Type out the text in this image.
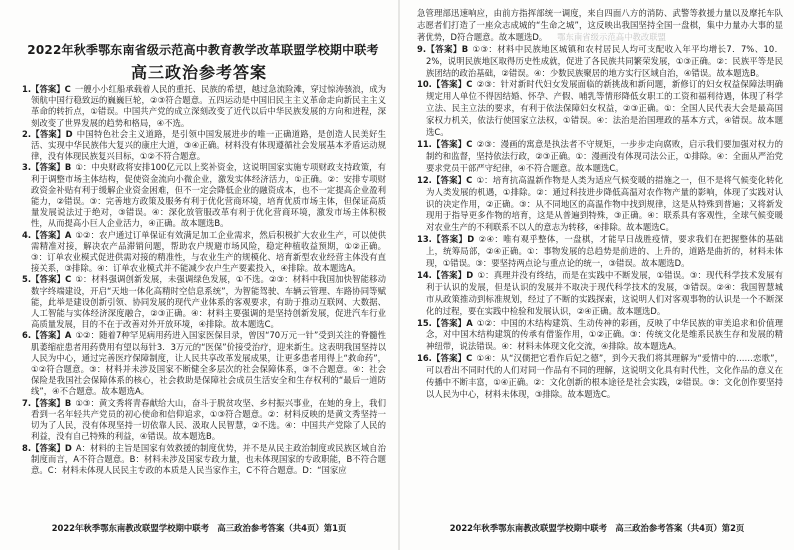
2022年秋季鄂东南省级示范高中教育教学改革联盟学校期中联考
高三政治参考答案

1.【答案】C 一艘小小红船承载着人民的重托、民族的希望，越过急流险滩，穿过惊涛骇浪，成为领航中国行稳致远的巍巍巨轮，②③符合题意。五四运动是中国旧民主主义革命走向新民主主义革命的转折点，①错误。中国共产党的成立深刻改变了近代以后中华民族发展的方向和进程，深刻改变了世界发展的趋势和格局，④不选。

2.【答案】D 中国特色社会主义道路，是引领中国发展进步的唯一正确道路，是创造人民美好生活、实现中华民族伟大复兴的康庄大道，③④正确。材料没有体现遵循社会发展基本矛盾运动规律，没有体现民族复兴目标，①②不符合题意。

3.【答案】B ①：中央财政将安排100亿元以上奖补资金，这说明国家实施专项财政支持政策，有利于调整市场主体结构，促使资金流向小微企业，激发实体经济活力，①正确。②：安排专项财政资金补贴有利于缓解企业资金困难，但不一定会降低企业的融资成本，也不一定提高企业盈利能力，②错误。③：完善地方政策及服务有利于优化营商环境，培育优质市场主体，但保证高质量发展说法过于绝对，③错误。④：深化放管服改革有利于优化营商环境，激发市场主体积极性，从而提高小巨人企业活力，④正确。故本题选B。

4.【答案】A ①②：农户通过订单保证有效满足加工企业需求，然后积极扩大农业生产，可以使供需精准对接，解决农产品滞销问题，帮助农户规避市场风险，稳定种植收益预期，①②正确。③：订单农业模式促进供需对接的精准性，与农业生产的规模化、培育新型农业经营主体没有直接关系，③排除。④：订单农业模式并不能减少农户生产要素投入，④排除。故本题选A。

5.【答案】C ①：材料强调创新发展，未强调绿色发展，①不选。②③：材料中我国加快智能移动数字终端建设，开启“天地一体化高精时空信息系统”，为智能驾驶、车辆云管理、车路协同等赋能，此举是建设创新引领、协同发展的现代产业体系的客观要求，有助于推动互联网、大数据、人工智能与实体经济深度融合，②③正确。④：材料主要强调的是坚持创新发展，促进汽车行业高质量发展，目的不在于改善对外开放环境，④排除。故本题选C。

6.【答案】A ①②：随着7种罕见病用药进入国家医保目录，曾因“70万元一针”受到关注的脊髓性肌萎缩症患者用药费用有望以每针3．3万元的“医保”价接受治疗，迎来新生。这表明我国坚持以人民为中心，通过完善医疗保障制度，让人民共享改革发展成果，让更多患者用得上“救命药”，①②符合题意。③：材料并未涉及国家不断健全多层次的社会保障体系，③不合题意。④：社会保险是我国社会保障体系的核心，社会救助是保障社会成员生活安全和生存权利的“最后一道防线”，④不合题意。故本题选A。

7.【答案】B ①③：黄文秀将青春献给大山，奋斗于脱贫攻坚、乡村振兴事业，在她的身上，我们看到一名年轻共产党员的初心使命和信仰追求，①③符合题意。②：材料反映的是黄文秀坚持一切为了人民，没有体现坚持一切依靠人民、汲取人民智慧，②不选。④：中国共产党除了人民的利益，没有自己特殊的利益，④错误。故本题选B。

8.【答案】D A：材料的主旨是国家有效救援的制度优势，并不是从民主政治制度或民族区域自治制度而言，A不符合题意。B：材料未涉及国家专政力量，也未体现国家的专政职能，B不符合题意。C：材料未体现人民民主专政的本质是人民当家作主，C不符合题意。D：“国家应

2022年秋季鄂东南教改联盟学校期中联考　高三政治参考答案（共4页）第1页

急管理部迅速响应，由前方指挥部统一调度，来自四面八方的消防、武警等救援力量以及摩托车队志愿者们打造了一座众志成城的“生命之城”，这反映出我国坚持全国一盘棋，集中力量办大事的显著优势，D符合题意。故本题选D。 鄂东南省级示范高中教改联盟

9.【答案】B ①③：材料中民族地区城镇和农村居民人均可支配收入年平均增长7．7%、10．2%，说明民族地区取得历史性成就，促进了各民族共同繁荣发展，①③正确。②：民族平等是民族团结的政治基础，②错误。④：少数民族聚居的地方实行区域自治，④错误。故本题选B。

10.【答案】C ②③：针对新时代妇女发展面临的新挑战和新问题，新修订的妇女权益保障法明确规定用人单位不得因结婚、怀孕、产假、哺乳等情形降低女职工的工资和福利待遇，体现了科学立法、民主立法的要求，有利于依法保障妇女权益，②③正确。①：全国人民代表大会是最高国家权力机关，依法行使国家立法权，①错误。④：法治是治国理政的基本方式，④错误。故本题选C。

11.【答案】C ②③：漫画的寓意是执法者不守规矩，一步步走向腐败，启示我们要加强对权力的制约和监督，坚持依法行政，②③正确。①：漫画没有体现司法公正，①排除。④：全面从严治党要求党员干部严守纪律，④不符合题意。故本题选C。

12.【答案】C ①：培育抗高温新作物是人类为适应气候变暖的措施之一，但不是将气候变化转化为人类发展的机遇，①排除。②：通过科技进步降低高温对农作物产量的影响，体现了实践对认识的决定作用，②正确。③：从不同地区的高温作物中找到规律，这是从特殊到普遍；又将新发现用于指导更多作物的培育，这是从普遍到特殊，③正确。④：联系具有客观性，全球气候变暖对农业生产的不利联系不以人的意志为转移，④排除。故本题选C。

13.【答案】D ②④：唯有观乎整体，一盘棋，才能早日战胜疫情，要求我们在把握整体的基础上，统筹局部，②④正确。①：事物发展的总趋势是前进的、上升的，道路是曲折的，材料未体现，①错误。③：要坚持两点论与重点论的统一，③错误。故本题选D。

14.【答案】D ①：真理并没有终结，而是在实践中不断发展，①错误。③：现代科学技术发展有利于认识的发展，但是认识的发展并不取决于现代科学技术的发展，③错误。②④：我国智慧城市从政策推动到标准规划，经过了不断的实践探索，这说明人们对客观事物的认识是一个不断深化的过程，要在实践中检验和发展认识，②④正确。故本题选D。

15.【答案】A ①②：中国的木结构建筑、生动传神的彩画，反映了中华民族的审美追求和价值理念，对中国木结构建筑的传承有借鉴作用，①②正确。③：传统文化是维系民族生存和发展的精神纽带，说法错误。④：材料未体现文化交流，④排除。故本题选A。

16.【答案】C ①④：从“汉儒把它看作后妃之德”，到今天我们将其理解为“爱情中的……恋歌”，可以看出不同时代的人们对同一作品有不同的理解，这说明文化具有时代性，文化作品的意义在传播中不断丰富，①④正确。②：文化创新的根本途径是社会实践，②错误。③：文化创作要坚持以人民为中心，材料未体现，③排除。故本题选C。

2022年秋季鄂东南教改联盟学校期中联考　高三政治参考答案（共4页）第2页
